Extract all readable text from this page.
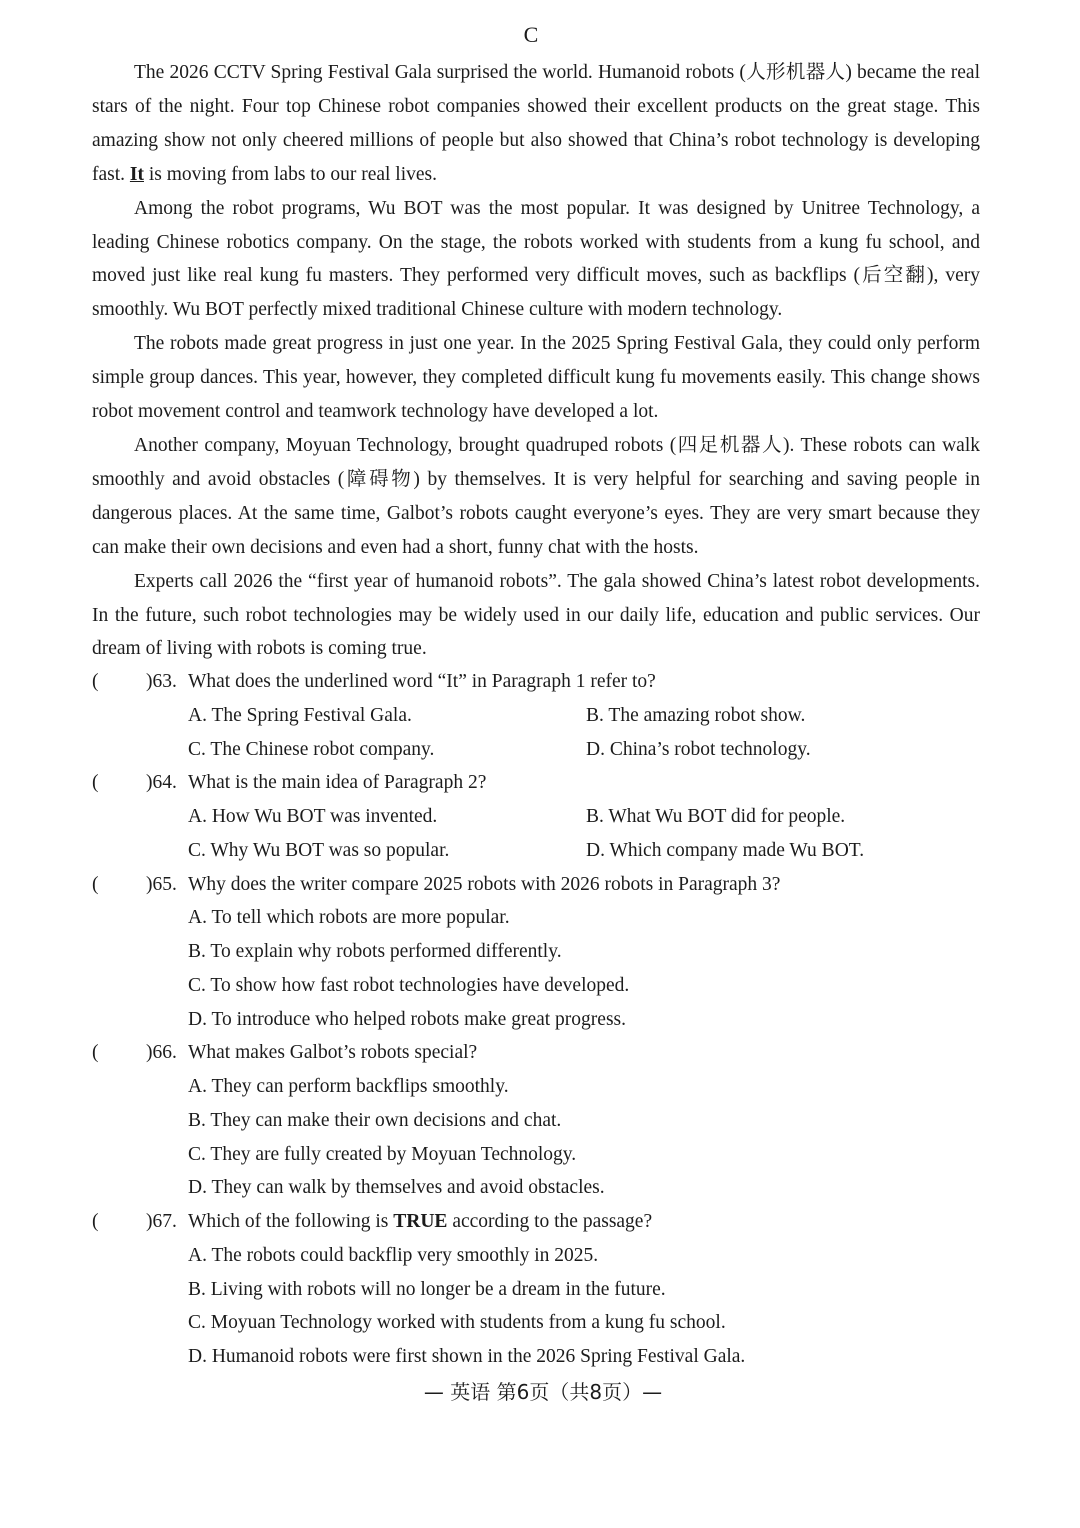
C

The 2026 CCTV Spring Festival Gala surprised the world. Humanoid robots (人形机器人) became the real stars of the night. Four top Chinese robot companies showed their excellent products on the great stage. This amazing show not only cheered millions of people but also showed that China’s robot technology is developing fast. It is moving from labs to our real lives.

Among the robot programs, Wu BOT was the most popular. It was designed by Unitree Technology, a leading Chinese robotics company. On the stage, the robots worked with students from a kung fu school, and moved just like real kung fu masters. They performed very difficult moves, such as backflips (后空翻), very smoothly. Wu BOT perfectly mixed traditional Chinese culture with modern technology.

The robots made great progress in just one year. In the 2025 Spring Festival Gala, they could only perform simple group dances. This year, however, they completed difficult kung fu movements easily. This change shows robot movement control and teamwork technology have developed a lot.

Another company, Moyuan Technology, brought quadruped robots (四足机器人). These robots can walk smoothly and avoid obstacles (障碍物) by themselves. It is very helpful for searching and saving people in dangerous places. At the same time, Galbot’s robots caught everyone’s eyes. They are very smart because they can make their own decisions and even had a short, funny chat with the hosts.

Experts call 2026 the “first year of humanoid robots”. The gala showed China’s latest robot developments. In the future, such robot technologies may be widely used in our daily life, education and public services. Our dream of living with robots is coming true.

( )63. What does the underlined word “It” in Paragraph 1 refer to?
A. The Spring Festival Gala.	B. The amazing robot show.
C. The Chinese robot company.	D. China’s robot technology.
( )64. What is the main idea of Paragraph 2?
A. How Wu BOT was invented.	B. What Wu BOT did for people.
C. Why Wu BOT was so popular.	D. Which company made Wu BOT.
( )65. Why does the writer compare 2025 robots with 2026 robots in Paragraph 3?
A. To tell which robots are more popular.
B. To explain why robots performed differently.
C. To show how fast robot technologies have developed.
D. To introduce who helped robots make great progress.
( )66. What makes Galbot’s robots special?
A. They can perform backflips smoothly.
B. They can make their own decisions and chat.
C. They are fully created by Moyuan Technology.
D. They can walk by themselves and avoid obstacles.
( )67. Which of the following is TRUE according to the passage?
A. The robots could backflip very smoothly in 2025.
B. Living with robots will no longer be a dream in the future.
C. Moyuan Technology worked with students from a kung fu school.
D. Humanoid robots were first shown in the 2026 Spring Festival Gala.
— 英语 第6页（共8页）—
